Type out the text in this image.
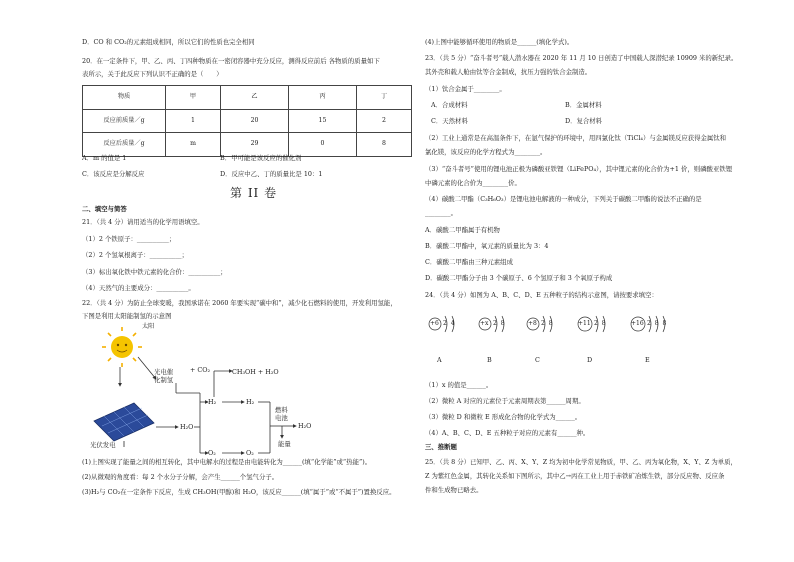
D．CO 和 CO₂的元素组成相同，所以它们的性质也完全相同
20．在一定条件下，甲、乙、丙、丁四种物质在一密闭容器中充分反应，测得反应前后 各物质的质量如下
表所示，关于此反应下列认识不正确的是（　　）
物质	甲	乙	丙	丁
反应前质量／g	1	20	15	2
反应后质量／g	m	29	0	8
A．m 的值是 1	B．甲可能是该反应的催化剂
C．该反应是分解反应	D．反应中乙、丁的质量比是 10：1
第 II 卷
二、填空与简答
21．（共 4 分）请用适当的化学用语填空。
（1）2 个铁原子：__________；
（2）2 个氢氧根离子：__________；
（3）标出氧化铁中铁元素的化合价：__________；
（4）天然气的主要成分：__________。
22．（共 4 分）为防止全球变暖，我国承诺在 2060 年要实现“碳中和”，减少化石燃料的使用，开发利用氢能，
下图是利用太阳能制氢的示意图
太阳
光电催
化制氢
+ CO₂	CH₃OH + H₂O
光伏发电
H₂O
H₂
O₂
H₂
O₂
燃料
电池
H₂O
能量
(1)上图实现了能量之间的相互转化，其中电解水的过程是由电能转化为______(填“化学能”或“热能”)。
(2)从微观的角度看：每 2 个水分子分解，会产生______个氢气分子。
(3)H₂与 CO₂在一定条件下反应，生成 CH₃OH(甲醇)和 H₂O，该反应______(填“属于”或“不属于”)置换反应。
(4)上图中能够循环使用的物质是______(填化学式)。
23．（共 5 分）“奋斗者号”载人潜水器在 2020 年 11 月 10 日创造了中国载人深潜纪录 10909 米的新纪录。
其外壳和载人舱由钛等合金制成，抗压力强的钛合金制造。
（1）钛合金属于________。
A．合成材料	B．金属材料
C．天然材料	D．复合材料
（2）工业上通常是在高温条件下，在氩气保护的环境中，用四氯化钛（TiCl₄）与金属镁反应获得金属钛和
氯化镁，该反应的化学方程式为________。
（3）“奋斗者号”使用的锂电池正极为磷酸亚铁锂（LiFePO₄），其中锂元素的化合价为+1 价，则磷酸亚铁锂
中磷元素的化合价为________价。
（4）碳酸二甲酯（C₃H₆O₃）是锂电池电解液的一种成分，下列关于碳酸二甲酯的说法不正确的是
________。
A．碳酸二甲酯属于有机物
B．碳酸二甲酯中，氧元素的质量比为 3：4
C．碳酸二甲酯由三种元素组成
D．碳酸二甲酯分子由 3 个碳原子、6 个氢原子和 3 个氧原子构成
24．（共 4 分）如图为 A、B、C、D、E 五种粒子的结构示意图，请按要求填空：
+6 2 4	+x 2 8	+8 2 8	+11 2 8	+16 2 8 8
A	B	C	D	E
（1）x 的值是______。
（2）微粒 A 对应的元素位于元素周期表第______周期。
（3）微粒 D 和微粒 E 形成化合物的化学式为______。
（4）A、B、C、D、E 五种粒子对应的元素有______种。
三、推断题
25．（共 8 分）已知甲、乙、丙、X、Y、Z 均为初中化学常见物质，甲、乙、丙为氧化物，X、Y、Z 为单质，
Z 为紫红色金属，其转化关系如下图所示，其中乙→丙在工业上用于赤铁矿冶炼生铁，部分反应物、反应条
件和生成物已略去。
